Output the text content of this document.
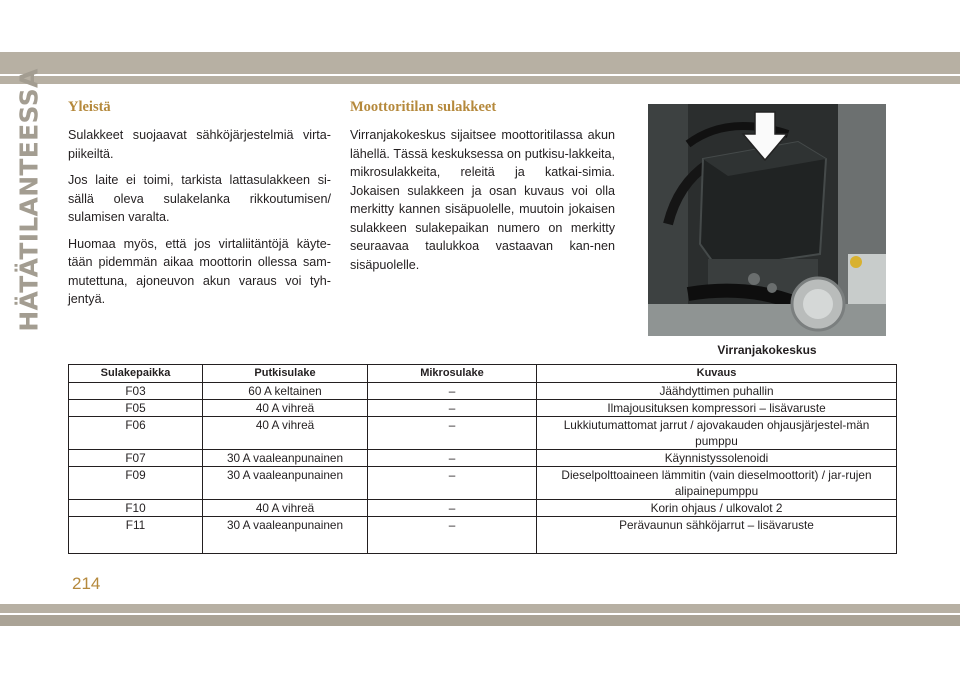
HÄTÄTILANTEESSA Yleistä

Sulakkeet suojaavat sähköjärjestelmiä virta-piikeiltä.

Jos laite ei toimi, tarkista lattasulakkeen si-sällä oleva sulakelanka rikkoutumisen/ sulamisen varalta.

Huomaa myös, että jos virtaliitäntöjä käyte-tään pidemmän aikaa moottorin ollessa sam-mutettuna, ajoneuvon akun varaus voi tyh-jentyä.

Moottoritilan sulakkeet

Virranjakokeskus sijaitsee moottoritilassa akun lähellä. Tässä keskuksessa on putkisu-lakkeita, mikrosulakkeita, releitä ja katkai-simia. Jokaisen sulakkeen ja osan kuvaus voi olla merkitty kannen sisäpuolelle, muutoin jokaisen sulakkeen sulakepaikan numero on merkitty seuraavaa taulukkoa vastaavan kan-nen sisäpuolelle.

Virranjakokeskus
Sulakepaikka	Putkisulake	Mikrosulake	Kuvaus
F03	60 A keltainen	–	Jäähdyttimen puhallin
F05	40 A vihreä	–	Ilmajousituksen kompressori – lisävaruste
F06	40 A vihreä	–	Lukkiutumattomat jarrut / ajovakauden ohjausjärjestel-män pumppu
F07	30 A vaaleanpunainen	–	Käynnistyssolenoidi
F09	30 A vaaleanpunainen	–	Dieselpolttoaineen lämmitin (vain dieselmoottorit) / jar-rujen alipainepumppu
F10	40 A vihreä	–	Korin ohjaus / ulkovalot 2
F11	30 A vaaleanpunainen	–	Perävaunun sähköjarrut – lisävaruste
214
